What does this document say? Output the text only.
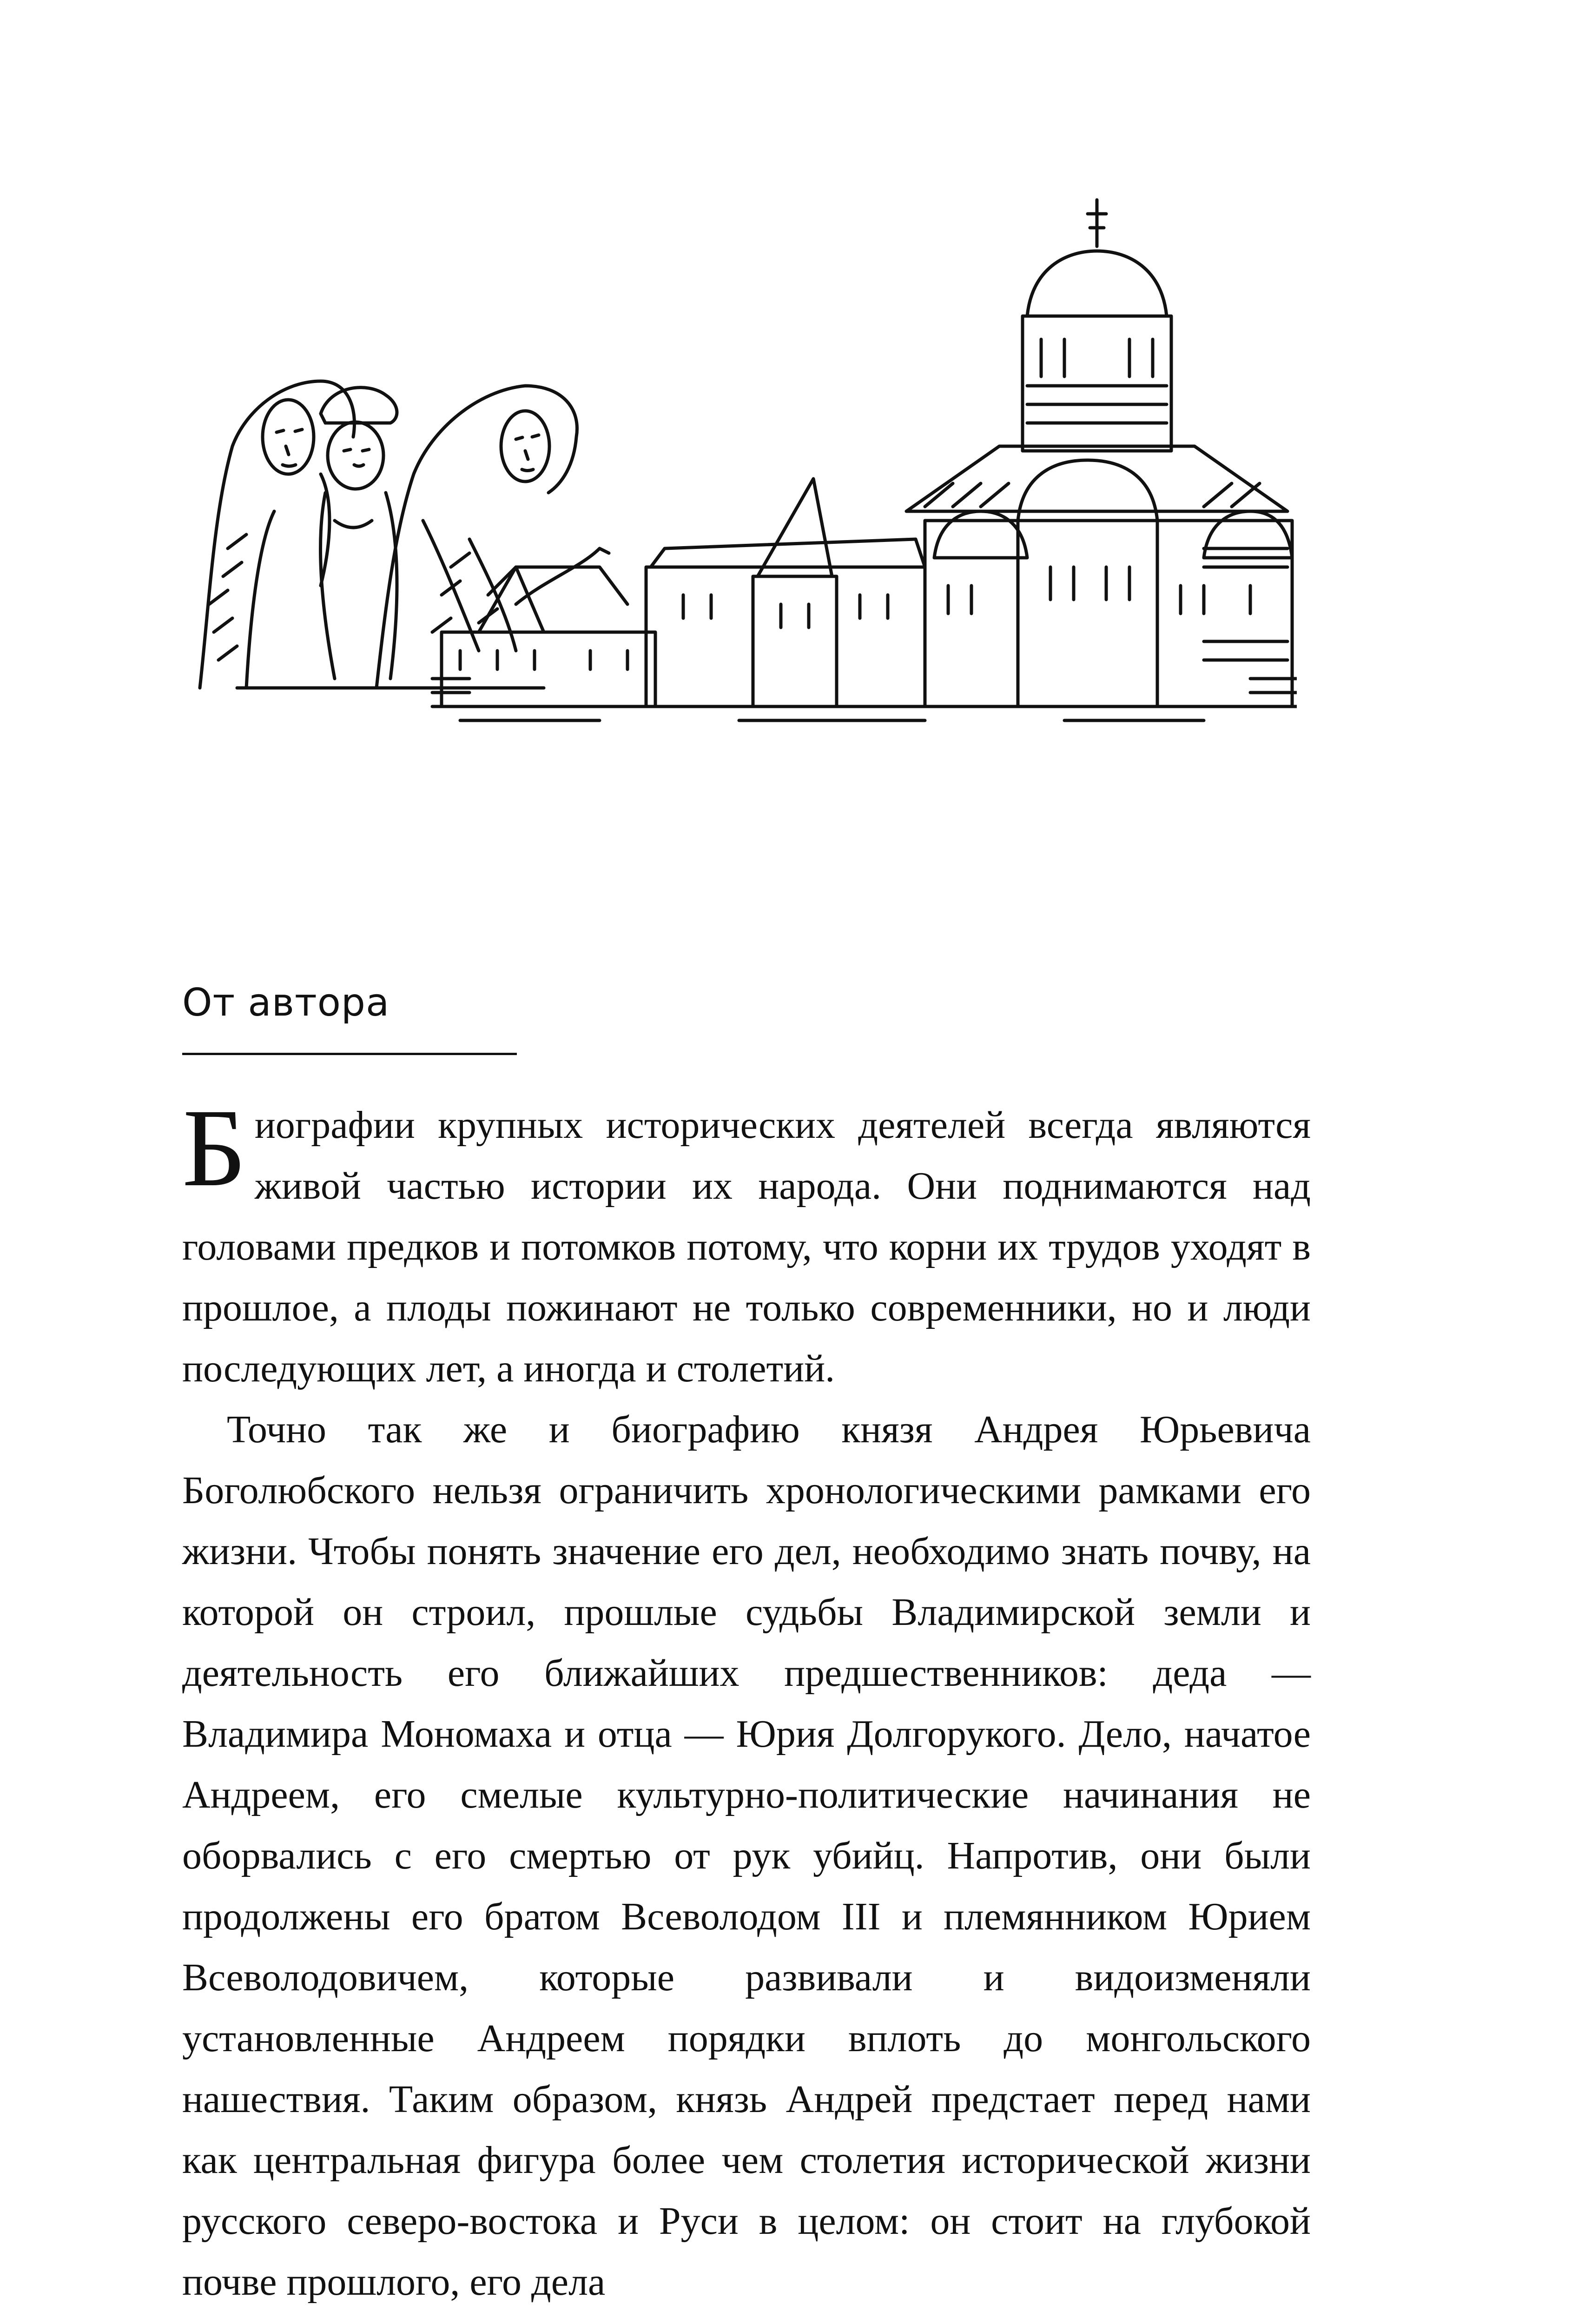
От автора

Биографии крупных исторических деятелей всегда являются живой частью истории их народа. Они поднимаются над головами предков и потомков потому, что корни их трудов уходят в прошлое, а плоды пожинают не только современники, но и люди последующих лет, а иногда и столетий.

Точно так же и биографию князя Андрея Юрьевича Боголюбского нельзя ограничить хронологическими рамками его жизни. Чтобы понять значение его дел, необходимо знать почву, на которой он строил, прошлые судьбы Владимирской земли и деятельность его ближайших предшественников: деда — Владимира Мономаха и отца — Юрия Долгорукого. Дело, начатое Андреем, его смелые культурно-политические начинания не оборвались с его смертью от рук убийц. Напротив, они были продолжены его братом Всеволодом III и племянником Юрием Всеволодовичем, которые развивали и видоизменяли установленные Андреем порядки вплоть до монгольского нашествия. Таким образом, князь Андрей предстает перед нами как центральная фигура более чем столетия исторической жизни русского северо-востока и Руси в целом: он стоит на глубокой почве прошлого, его дела
